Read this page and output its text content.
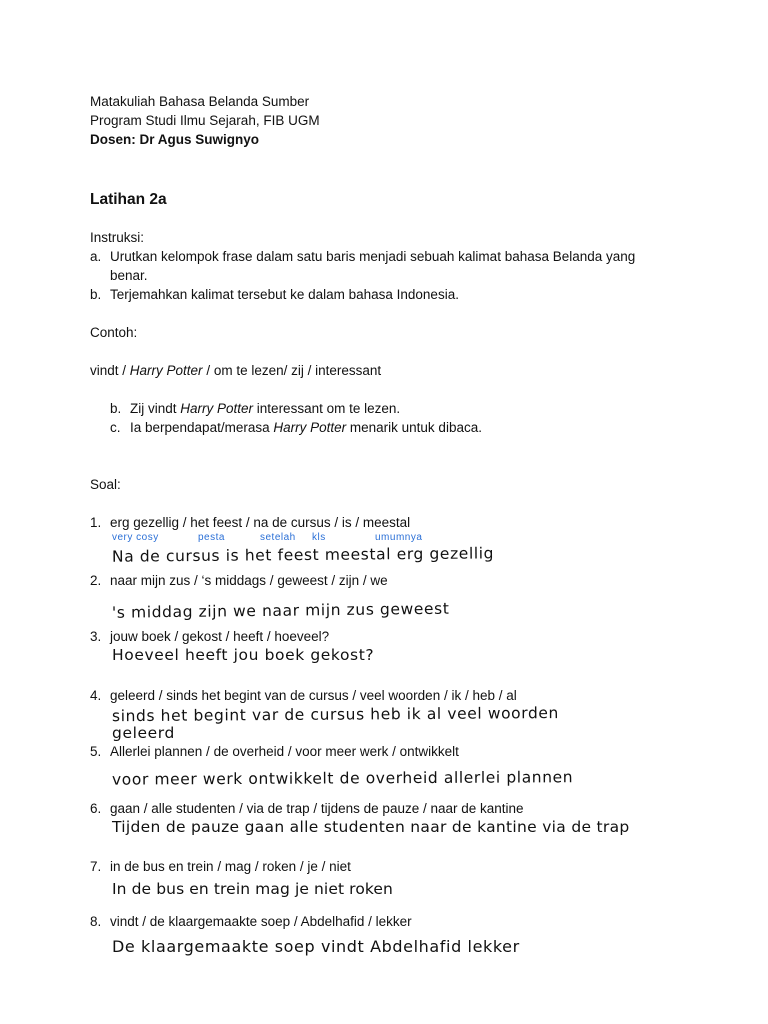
Matakuliah Bahasa Belanda Sumber
Program Studi Ilmu Sejarah, FIB UGM
Dosen: Dr Agus Suwignyo
Latihan 2a
Instruksi:
a. Urutkan kelompok frase dalam satu baris menjadi sebuah kalimat bahasa Belanda yang
benar.
b. Terjemahkan kalimat tersebut ke dalam bahasa Indonesia.
Contoh:
vindt / Harry Potter / om te lezen/ zij / interessant
b. Zij vindt Harry Potter interessant om te lezen.
c. Ia berpendapat/merasa Harry Potter menarik untuk dibaca.
Soal:
1. erg gezellig / het feest / na de cursus / is / meestal
very cosy	pesta	setelah kls	umumnya
Na de cursus is het feest meestal erg gezellig
2. naar mijn zus / ‘s middags / geweest / zijn / we
's middag zijn we naar mijn zus geweest
3. jouw boek / gekost / heeft / hoeveel?
Hoeveel heeft jou boek gekost?
4. geleerd / sinds het begint van de cursus / veel woorden / ik / heb / al
sinds het begint var de cursus heb ik al veel woorden
geleerd
5. Allerlei plannen / de overheid / voor meer werk / ontwikkelt
voor meer werk ontwikkelt de overheid allerlei plannen
6. gaan / alle studenten / via de trap / tijdens de pauze / naar de kantine
Tijden de pauze gaan alle studenten naar de kantine via de trap
7. in de bus en trein / mag / roken / je / niet
In de bus en trein mag je niet roken
8. vindt / de klaargemaakte soep / Abdelhafid / lekker
De klaargemaakte soep vindt Abdelhafid lekker
